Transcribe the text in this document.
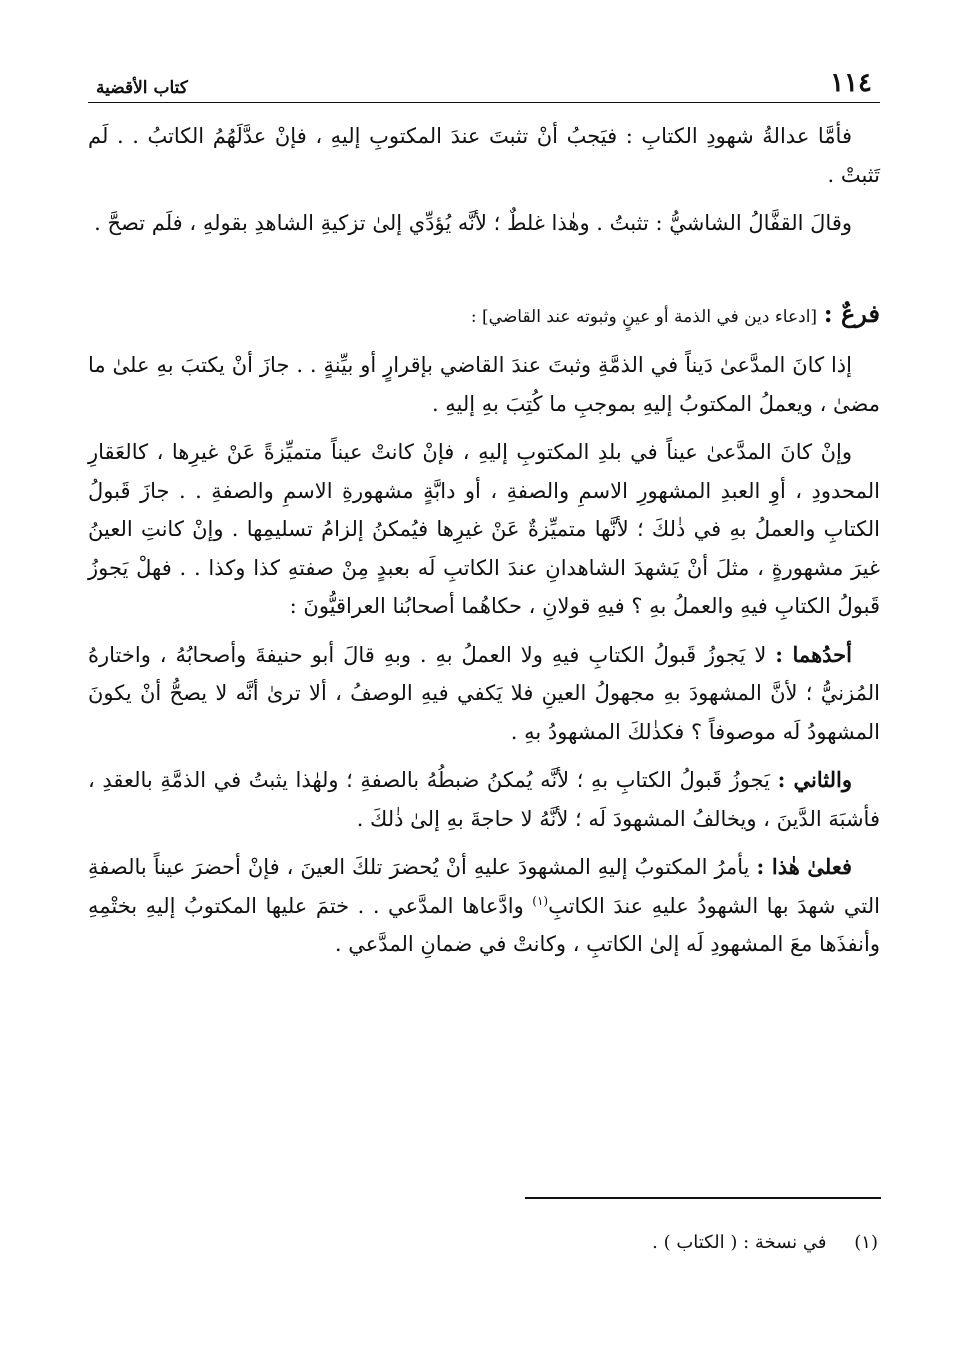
١١٤
كتاب الأقضية

فأمَّا عدالةُ شهودِ الكتابِ : فيَجبُ أنْ تثبتَ عندَ المكتوبِ إليهِ ، فإنْ عدَّلَهُمُ الكاتبُ . . لَم تَثبتْ .

وقالَ القفَّالُ الشاشيُّ : تثبتُ . وهٰذا غلطٌ ؛ لأنَّه يُؤدِّي إلىٰ تزكيةِ الشاهدِ بقولهِ ، فلَم تصحَّ .

فرعٌ : [ادعاء دين في الذمة أو عينٍ وثبوته عند القاضي] :

إذا كانَ المدَّعىٰ دَيناً في الذمَّةِ وثبتَ عندَ القاضي بإقرارٍ أو بيِّنةٍ . . جازَ أنْ يكتبَ بهِ علىٰ ما مضىٰ ، ويعملُ المكتوبُ إليهِ بموجبِ ما كُتِبَ بهِ إليهِ .

وإنْ كانَ المدَّعىٰ عيناً في بلدِ المكتوبِ إليهِ ، فإنْ كانتْ عيناً متميِّزةً عَنْ غيرِها ، كالعَقارِ المحدودِ ، أوِ العبدِ المشهورِ الاسمِ والصفةِ ، أو دابَّةٍ مشهورةِ الاسمِ والصفةِ . . جازَ قَبولُ الكتابِ والعملُ بهِ في ذٰلكَ ؛ لأنَّها متميِّزةٌ عَنْ غيرِها فيُمكنُ إلزامُ تسليمِها . وإنْ كانتِ العينُ غيرَ مشهورةٍ ، مثلَ أنْ يَشهدَ الشاهدانِ عندَ الكاتبِ لَه بعبدٍ مِنْ صفتهِ كذا وكذا . . فهلْ يَجوزُ قَبولُ الكتابِ فيهِ والعملُ بهِ ؟ فيهِ قولانِ ، حكاهُما أصحابُنا العراقيُّونَ :

أحدُهما : لا يَجوزُ قَبولُ الكتابِ فيهِ ولا العملُ بهِ . وبهِ قالَ أبو حنيفةَ وأصحابُهُ ، واختارهُ المُزنيُّ ؛ لأنَّ المشهودَ بهِ مجهولُ العينِ فلا يَكفي فيهِ الوصفُ ، ألا ترىٰ أنَّه لا يصحُّ أنْ يكونَ المشهودُ لَه موصوفاً ؟ فكذٰلكَ المشهودُ بهِ .

والثاني : يَجوزُ قَبولُ الكتابِ بهِ ؛ لأنَّه يُمكنُ ضبطُهُ بالصفةِ ؛ ولهٰذا يثبتُ في الذمَّةِ بالعقدِ ، فأشبَهَ الدَّينَ ، ويخالفُ المشهودَ لَه ؛ لأنَّهُ لا حاجةَ بهِ إلىٰ ذٰلكَ .

فعلىٰ هٰذا : يأمرُ المكتوبُ إليهِ المشهودَ عليهِ أنْ يُحضرَ تلكَ العينَ ، فإنْ أحضرَ عيناً بالصفةِ التي شهدَ بها الشهودُ عليهِ عندَ الكاتبِ$^{(١)}$ وادَّعاها المدَّعي . . ختمَ عليها المكتوبُ إليهِ بختْمِهِ وأنفذَها معَ المشهودِ لَه إلىٰ الكاتبِ ، وكانتْ في ضمانِ المدَّعي .

(١) في نسخة : ( الكتاب ) .
